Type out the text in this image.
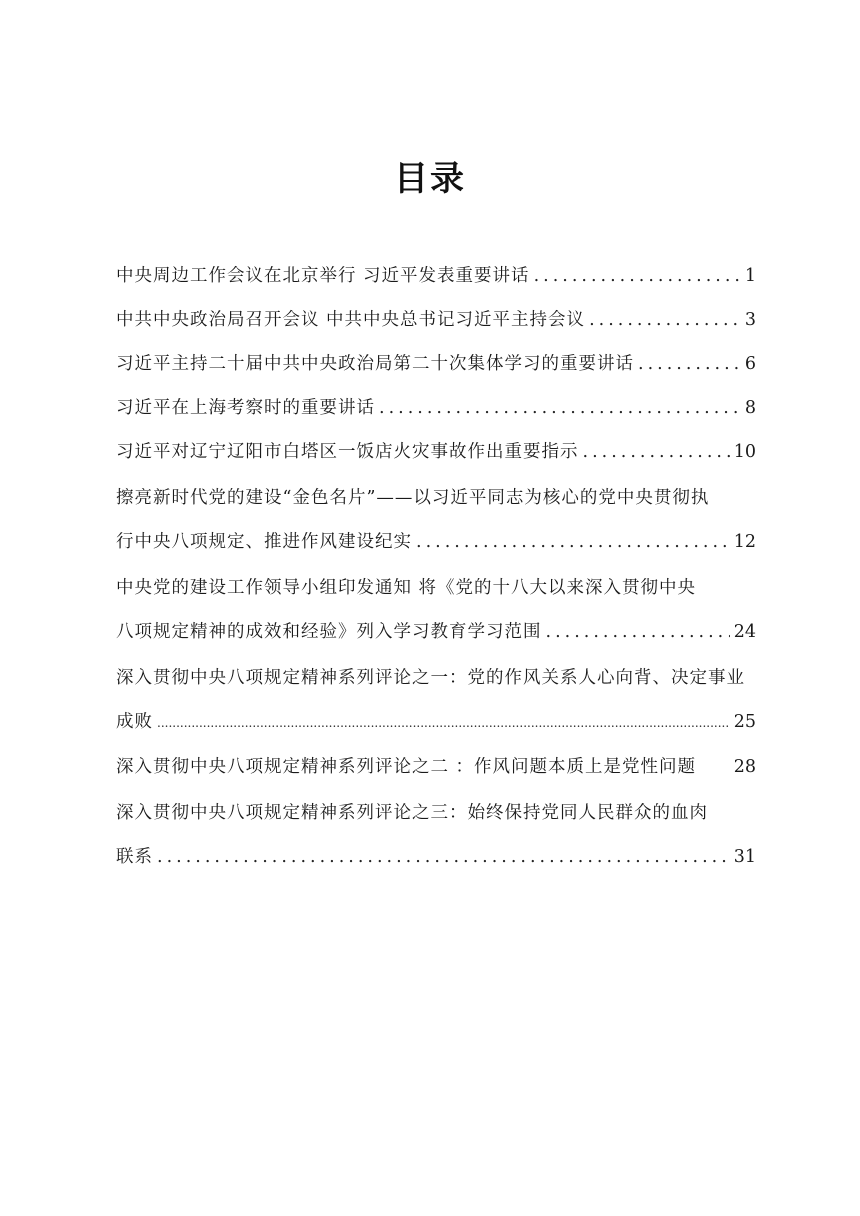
目录
中央周边工作会议在北京举行 习近平发表重要讲话 .....	1
中共中央政治局召开会议 中共中央总书记习近平主持会议 .....	3
习近平主持二十届中共中央政治局第二十次集体学习的重要讲话 .....	6
习近平在上海考察时的重要讲话 .....	8
习近平对辽宁辽阳市白塔区一饭店火灾事故作出重要指示 .....	10
擦亮新时代党的建设“金色名片”——以习近平同志为核心的党中央贯彻执
行中央八项规定、推进作风建设纪实 .....	12
中央党的建设工作领导小组印发通知 将《党的十八大以来深入贯彻中央
八项规定精神的成效和经验》列入学习教育学习范围 .....	24
深入贯彻中央八项规定精神系列评论之一：党的作风关系人心向背、决定事业
成败 .....	25
深入贯彻中央八项规定精神系列评论之二 ：作风问题本质上是党性问题 28
深入贯彻中央八项规定精神系列评论之三：始终保持党同人民群众的血肉
联系 .....	31
